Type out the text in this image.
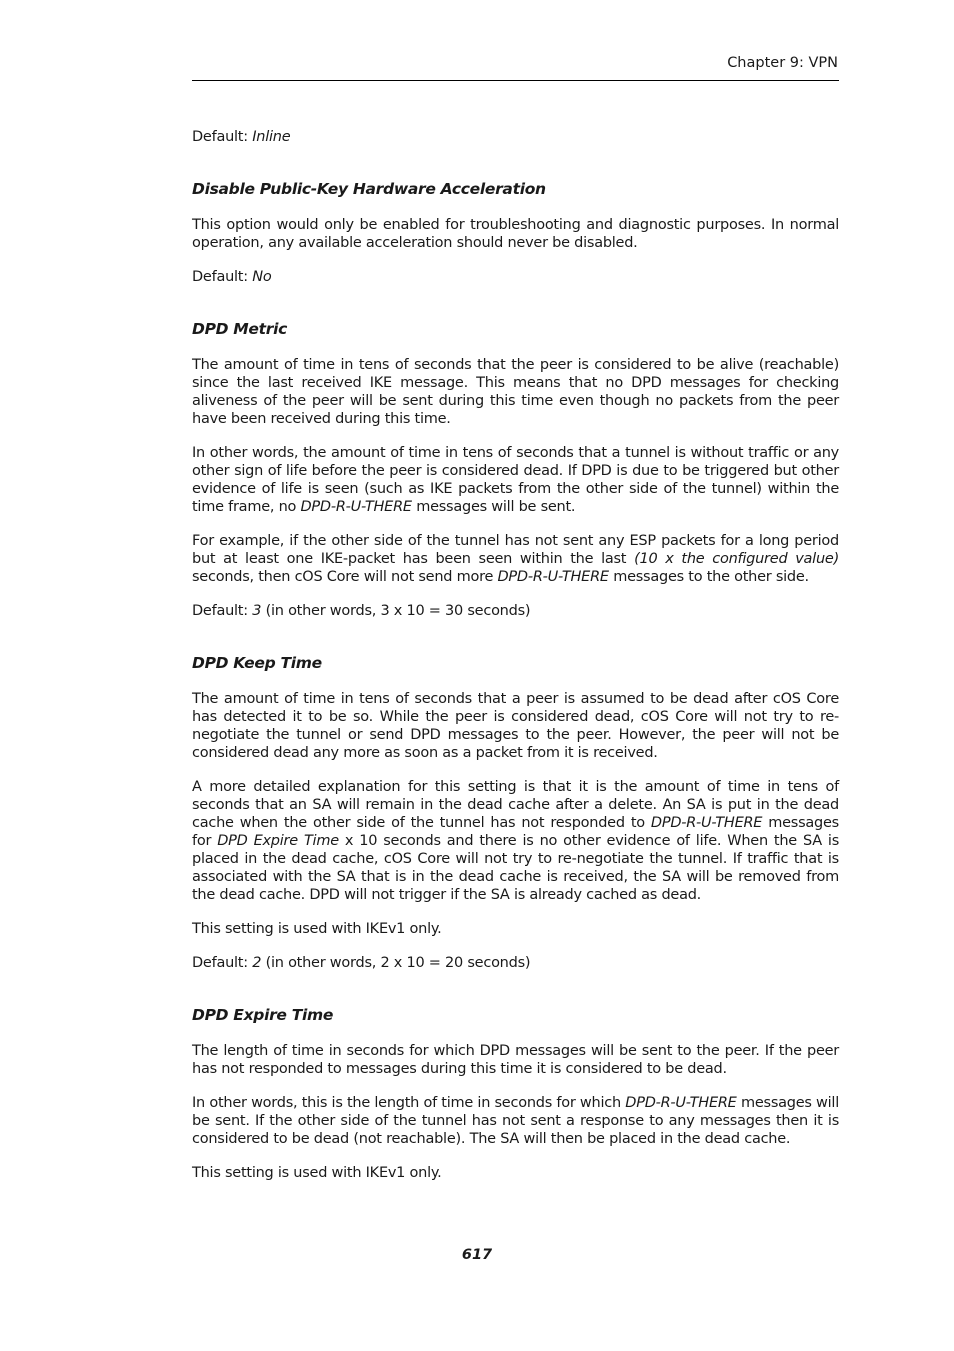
Chapter 9: VPN

Default: Inline

Disable Public-Key Hardware Acceleration

This option would only be enabled for troubleshooting and diagnostic purposes. In normal operation, any available acceleration should never be disabled.

Default: No

DPD Metric

The amount of time in tens of seconds that the peer is considered to be alive (reachable) since the last received IKE message. This means that no DPD messages for checking aliveness of the peer will be sent during this time even though no packets from the peer have been received during this time.

In other words, the amount of time in tens of seconds that a tunnel is without traffic or any other sign of life before the peer is considered dead. If DPD is due to be triggered but other evidence of life is seen (such as IKE packets from the other side of the tunnel) within the time frame, no DPD-R-U-THERE messages will be sent.

For example, if the other side of the tunnel has not sent any ESP packets for a long period but at least one IKE-packet has been seen within the last (10 x the configured value) seconds, then cOS Core will not send more DPD-R-U-THERE messages to the other side.

Default: 3 (in other words, 3 x 10 = 30 seconds)

DPD Keep Time

The amount of time in tens of seconds that a peer is assumed to be dead after cOS Core has detected it to be so. While the peer is considered dead, cOS Core will not try to re-negotiate the tunnel or send DPD messages to the peer. However, the peer will not be considered dead any more as soon as a packet from it is received.

A more detailed explanation for this setting is that it is the amount of time in tens of seconds that an SA will remain in the dead cache after a delete. An SA is put in the dead cache when the other side of the tunnel has not responded to DPD-R-U-THERE messages for DPD Expire Time x 10 seconds and there is no other evidence of life. When the SA is placed in the dead cache, cOS Core will not try to re-negotiate the tunnel. If traffic that is associated with the SA that is in the dead cache is received, the SA will be removed from the dead cache. DPD will not trigger if the SA is already cached as dead.

This setting is used with IKEv1 only.

Default: 2 (in other words, 2 x 10 = 20 seconds)

DPD Expire Time

The length of time in seconds for which DPD messages will be sent to the peer. If the peer has not responded to messages during this time it is considered to be dead.

In other words, this is the length of time in seconds for which DPD-R-U-THERE messages will be sent. If the other side of the tunnel has not sent a response to any messages then it is considered to be dead (not reachable). The SA will then be placed in the dead cache.

This setting is used with IKEv1 only.

617
